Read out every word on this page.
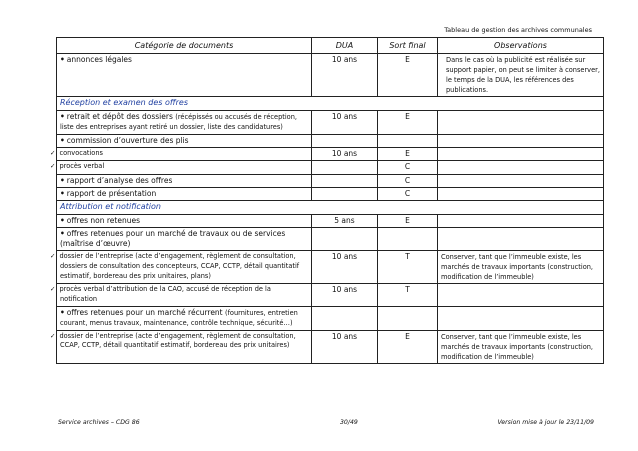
Tableau de gestion des archives communales
Catégorie de documents	DUA	Sort final	Observations
• annonces légales	10 ans	E	Dans le cas où la publicité est réalisée sur support papier, on peut se limiter à conserver, le temps de la DUA, les références des publications.
Réception et examen des offres			
• retrait et dépôt des dossiers (récépissés ou accusés de réception, liste des entreprises ayant retiré un dossier, liste des candidatures)	10 ans	E	
• commission d’ouverture des plis			
✓ convocations	10 ans	E	
✓ procès verbal		C	
• rapport d’analyse des offres		C	
• rapport de présentation		C	
Attribution et notification			
• offres non retenues	5 ans	E	
• offres retenues pour un marché de travaux ou de services (maîtrise d’œuvre)			
✓ dossier de l’entreprise (acte d’engagement, règlement de consultation, dossiers de consultation des concepteurs, CCAP, CCTP, détail quantitatif estimatif, bordereau des prix unitaires, plans)	10 ans	T	Conserver, tant que l’immeuble existe, les marchés de travaux importants (construction, modification de l’immeuble)
✓ procès verbal d’attribution de la CAO, accusé de réception de la notification	10 ans	T	
• offres retenues pour un marché récurrent (fournitures, entretien courant, menus travaux, maintenance, contrôle technique, sécurité…)			
✓ dossier de l’entreprise (acte d’engagement, règlement de consultation, CCAP, CCTP, détail quantitatif estimatif, bordereau des prix unitaires)	10 ans	E	Conserver, tant que l’immeuble existe, les marchés de travaux importants (construction, modification de l’immeuble)
Service archives – CDG 86	30/49	Version mise à jour le 23/11/09
